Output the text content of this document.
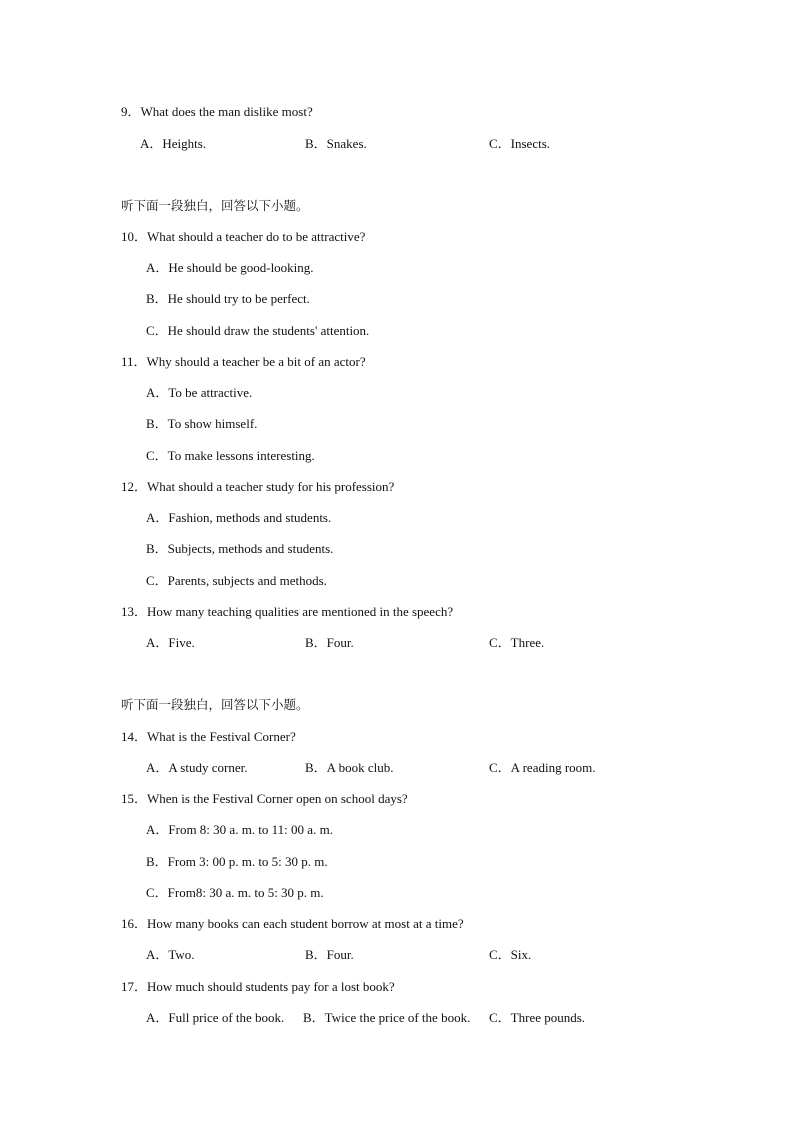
9．What does the man dislike most?
A．Heights.	B．Snakes.	C．Insects.
听下面一段独白，回答以下小题。
10．What should a teacher do to be attractive?
A．He should be good-looking.
B．He should try to be perfect.
C．He should draw the students' attention.
11．Why should a teacher be a bit of an actor?
A．To be attractive.
B．To show himself.
C．To make lessons interesting.
12．What should a teacher study for his profession?
A．Fashion, methods and students.
B．Subjects, methods and students.
C．Parents, subjects and methods.
13．How many teaching qualities are mentioned in the speech?
A．Five.	B．Four.	C．Three.
听下面一段独白，回答以下小题。
14．What is the Festival Corner?
A．A study corner.	B．A book club.	C．A reading room.
15．When is the Festival Corner open on school days?
A．From 8: 30 a. m. to 11: 00 a. m.
B．From 3: 00 p. m. to 5: 30 p. m.
C．From8: 30 a. m. to 5: 30 p. m.
16．How many books can each student borrow at most at a time?
A．Two.	B．Four.	C．Six.
17．How much should students pay for a lost book?
A．Full price of the book. B．Twice the price of the book. C．Three pounds.
